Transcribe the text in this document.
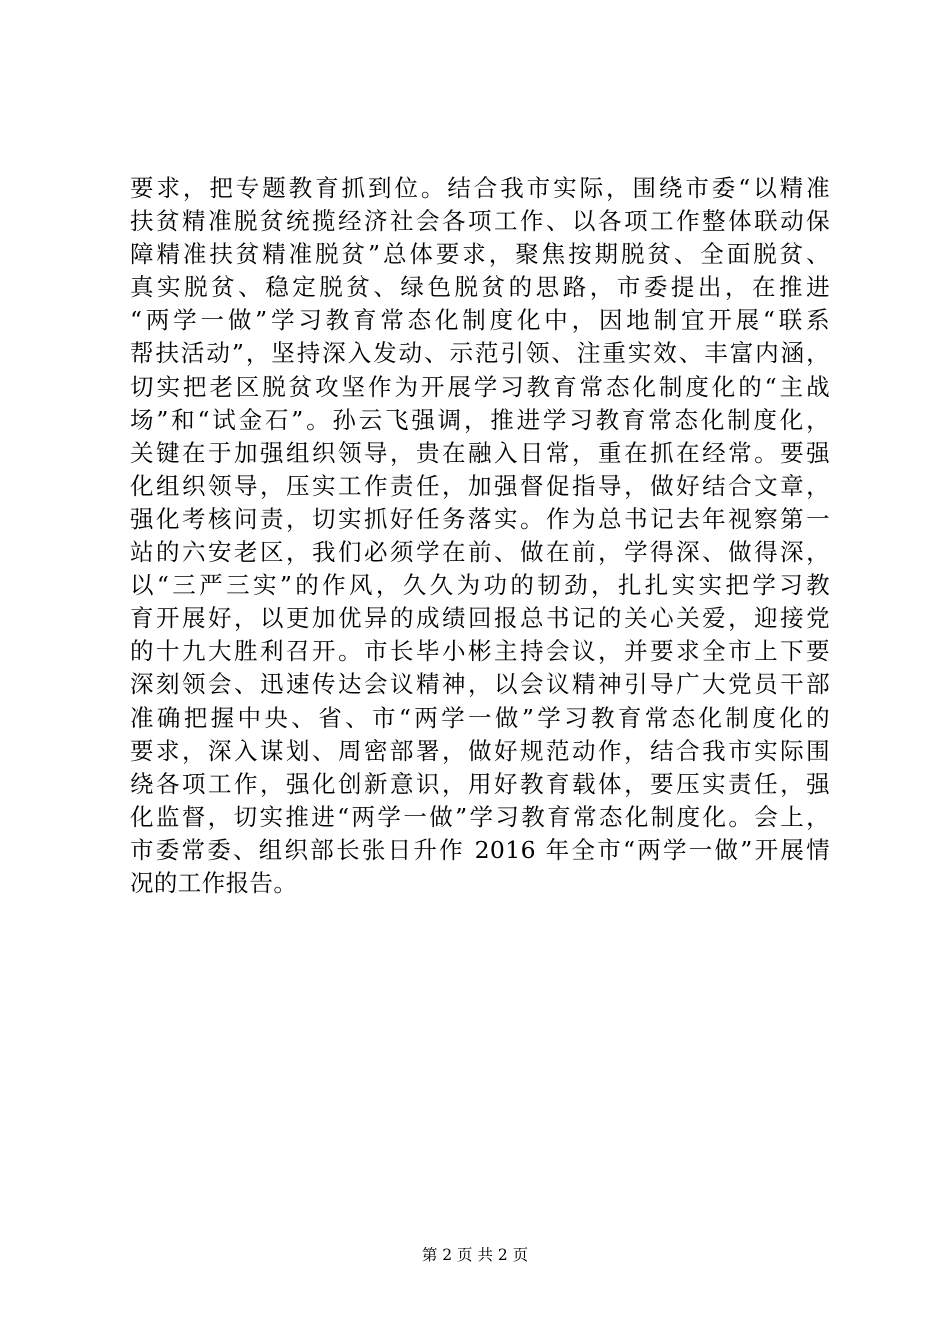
要求，把专题教育抓到位。结合我市实际，围绕市委“以精准
扶贫精准脱贫统揽经济社会各项工作、以各项工作整体联动保
障精准扶贫精准脱贫”总体要求，聚焦按期脱贫、全面脱贫、
真实脱贫、稳定脱贫、绿色脱贫的思路，市委提出，在推进
“两学一做”学习教育常态化制度化中，因地制宜开展“联系
帮扶活动”，坚持深入发动、示范引领、注重实效、丰富内涵，
切实把老区脱贫攻坚作为开展学习教育常态化制度化的“主战
场”和“试金石”。孙云飞强调，推进学习教育常态化制度化，
关键在于加强组织领导，贵在融入日常，重在抓在经常。要强
化组织领导，压实工作责任，加强督促指导，做好结合文章，
强化考核问责，切实抓好任务落实。作为总书记去年视察第一
站的六安老区，我们必须学在前、做在前，学得深、做得深，
以“三严三实”的作风，久久为功的韧劲，扎扎实实把学习教
育开展好，以更加优异的成绩回报总书记的关心关爱，迎接党
的十九大胜利召开。市长毕小彬主持会议，并要求全市上下要
深刻领会、迅速传达会议精神，以会议精神引导广大党员干部
准确把握中央、省、市“两学一做”学习教育常态化制度化的
要求，深入谋划、周密部署，做好规范动作，结合我市实际围
绕各项工作，强化创新意识，用好教育载体，要压实责任，强
化监督，切实推进“两学一做”学习教育常态化制度化。会上，
市委常委、组织部长张日升作 2016 年全市“两学一做”开展情
况的工作报告。
第 2 页 共 2 页
